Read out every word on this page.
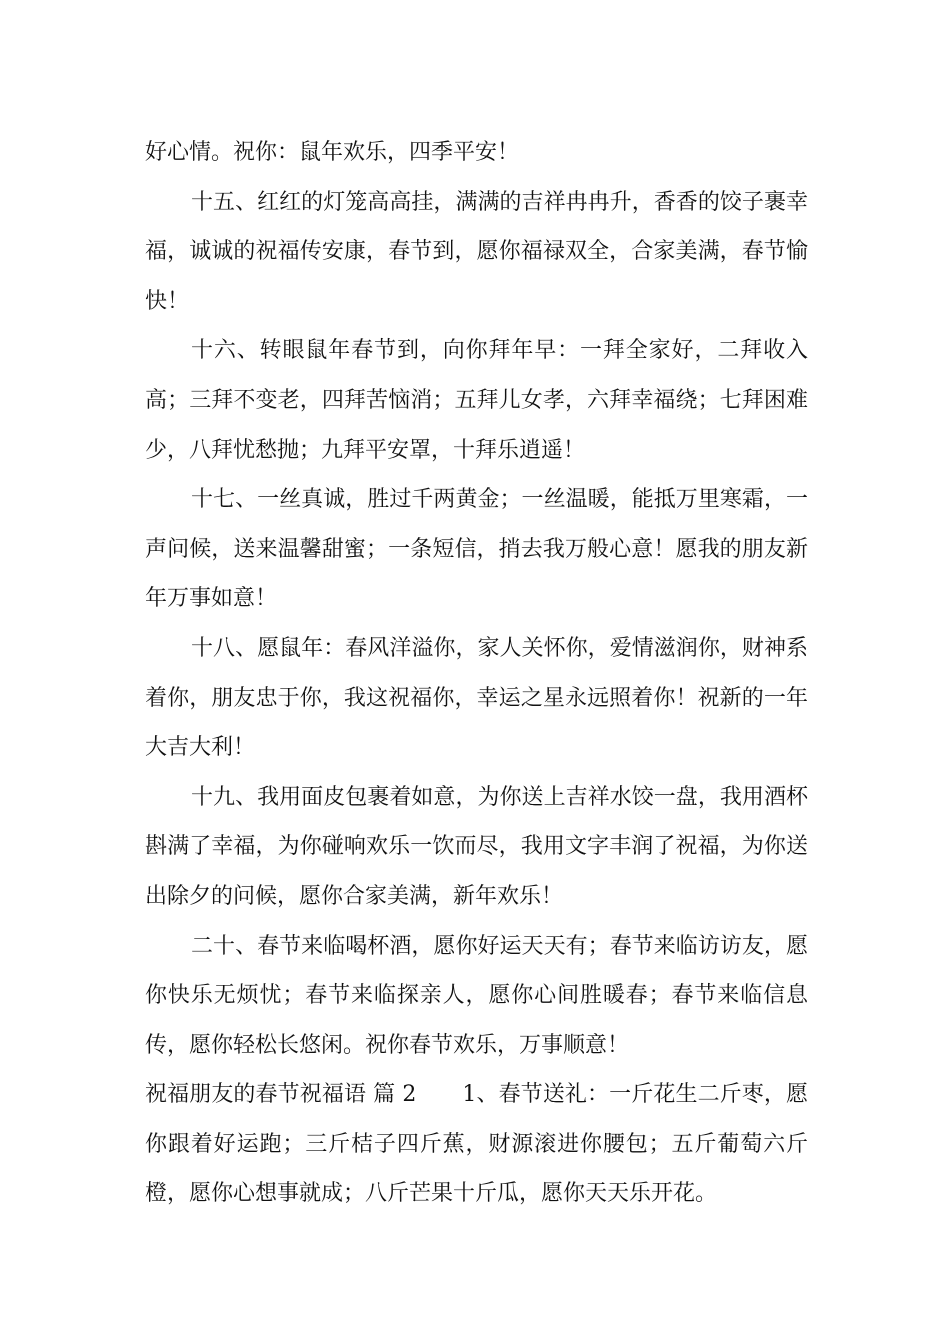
好心情。祝你：鼠年欢乐，四季平安！

十五、红红的灯笼高高挂，满满的吉祥冉冉升，香香的饺子裹幸福，诚诚的祝福传安康，春节到，愿你福禄双全，合家美满，春节愉快！

十六、转眼鼠年春节到，向你拜年早：一拜全家好，二拜收入高；三拜不变老，四拜苦恼消；五拜儿女孝，六拜幸福绕；七拜困难少，八拜忧愁抛；九拜平安罩，十拜乐逍遥！

十七、一丝真诚，胜过千两黄金；一丝温暖，能抵万里寒霜，一声问候，送来温馨甜蜜；一条短信，捎去我万般心意！愿我的朋友新年万事如意！

十八、愿鼠年：春风洋溢你，家人关怀你，爱情滋润你，财神系着你，朋友忠于你，我这祝福你，幸运之星永远照着你！祝新的一年大吉大利！

十九、我用面皮包裹着如意，为你送上吉祥水饺一盘，我用酒杯斟满了幸福，为你碰响欢乐一饮而尽，我用文字丰润了祝福，为你送出除夕的问候，愿你合家美满，新年欢乐！

二十、春节来临喝杯酒，愿你好运天天有；春节来临访访友，愿你快乐无烦忧；春节来临探亲人，愿你心间胜暖春；春节来临信息传，愿你轻松长悠闲。祝你春节欢乐，万事顺意！

祝福朋友的春节祝福语 篇 2 1、春节送礼：一斤花生二斤枣，愿你跟着好运跑；三斤桔子四斤蕉，财源滚进你腰包；五斤葡萄六斤橙，愿你心想事就成；八斤芒果十斤瓜，愿你天天乐开花。
